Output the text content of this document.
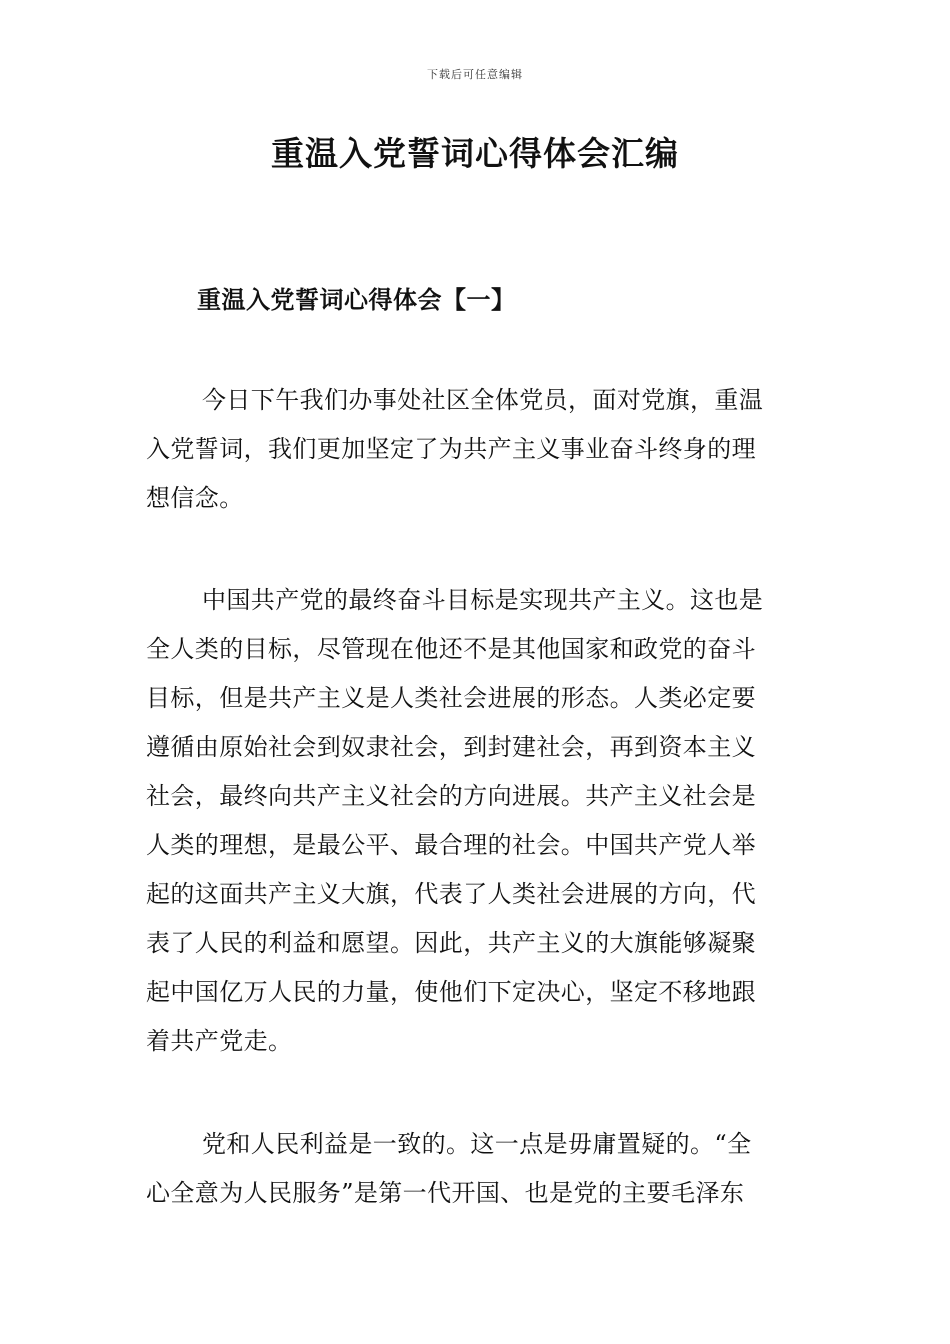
下载后可任意编辑
重温入党誓词心得体会汇编
重温入党誓词心得体会【一】
今日下午我们办事处社区全体党员，面对党旗，重温
入党誓词，我们更加坚定了为共产主义事业奋斗终身的理
想信念。
中国共产党的最终奋斗目标是实现共产主义。这也是
全人类的目标，尽管现在他还不是其他国家和政党的奋斗
目标，但是共产主义是人类社会进展的形态。人类必定要
遵循由原始社会到奴隶社会，到封建社会，再到资本主义
社会，最终向共产主义社会的方向进展。共产主义社会是
人类的理想，是最公平、最合理的社会。中国共产党人举
起的这面共产主义大旗，代表了人类社会进展的方向，代
表了人民的利益和愿望。因此，共产主义的大旗能够凝聚
起中国亿万人民的力量，使他们下定决心，坚定不移地跟
着共产党走。
党和人民利益是一致的。这一点是毋庸置疑的。“全
心全意为人民服务”是第一代开国、也是党的主要毛泽东
